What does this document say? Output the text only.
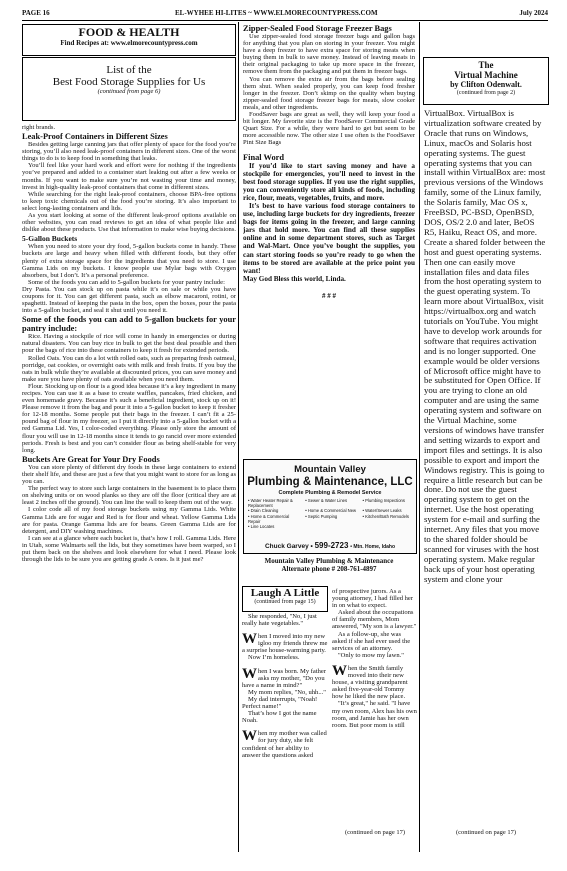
PAGE 16	EL-WYHEE HI-LITES ~ WWW.ELMORECOUNTYPRESS.COM	July 2024
FOOD & HEALTH
Find Recipes at: www.elmorecountypress.com
List of the
Best Food Storage Supplies for Us
(continued from page 6)

right brands.

Leak-Proof Containers in Different Sizes

Besides getting large canning jars that offer plenty of space for the food you’re storing, you’ll also need leak-proof containers in different sizes. One of the worst things to do is to keep food in something that leaks.

You’ll feel like your hard work and effort were for nothing if the ingredients you’ve prepared and added to a container start leaking out after a few weeks or months. If you want to make sure you’re not wasting your time and money, invest in high-quality leak-proof containers that come in different sizes.

While searching for the right leak-proof containers, choose BPA-free options to keep toxic chemicals out of the food you’re storing. It’s also important to select long-lasting containers and lids.

As you start looking at some of the different leak-proof options available on other websites, you can read reviews to get an idea of what people like and dislike about these products. Use that information to make wise buying decisions.

5-Gallon Buckets

When you need to store your dry food, 5-gallon buckets come in handy. These buckets are large and heavy when filled with different foods, but they offer plenty of extra storage space for the ingredients that you need to store. I use Gamma Lids on my buckets. I know people use Mylar bags with Oxygen absorbers, but I don’t. It’s a personal preference.

Some of the foods you can add to 5-gallon buckets for your pantry include:

Dry Pasta. You can stock up on pasta while it’s on sale or while you have coupons for it. You can get different pasta, such as elbow macaroni, rotini, or spaghetti. Instead of keeping the pasta in the box, open the boxes, pour the pasta into a 5-gallon bucket, and seal it shut until you need it.

Some of the foods you can add to 5-gallon buckets for your pantry include:

Rice. Having a stockpile of rice will come in handy in emergencies or during natural disasters. You can buy rice in bulk to get the best deal possible and then pour the bags of rice into these containers to keep it fresh for extended periods.

Rolled Oats. You can do a lot with rolled oats, such as preparing fresh oatmeal, porridge, oat cookies, or overnight oats with milk and fresh fruits. If you buy the oats in bulk while they’re available at discounted prices, you can save money and make sure you have plenty of oats available when you need them.

Flour. Stocking up on flour is a good idea because it’s a key ingredient in many recipes. You can use it as a base to create waffles, pancakes, fried chicken, and even homemade gravy. Because it’s such a beneficial ingredient, stock up on it! Please remove it from the bag and pour it into a 5-gallon bucket to keep it fresher for 12-18 months. Some people put their bags in the freezer. I can’t fit a 25-pound bag of flour in my freezer, so I put it directly into a 5-gallon bucket with a red Gamma Lid. Yes, I color-coded everything. Please only store the amount of flour you will use in 12-18 months since it tends to go rancid over more extended periods. Fresh is best and you can’t consider flour as being shelf-stable for very long.

Buckets Are Great for Your Dry Foods

You can store plenty of different dry foods in these large containers to extend their shelf life, and these are just a few that you might want to store for as long as you can.

The perfect way to store such large containers in the basement is to place them on shelving units or on wood planks so they are off the floor (critical they are at least 2 inches off the ground). You can line the wall to keep them out of the way.

I color code all of my food storage buckets using my Gamma Lids. White Gamma Lids are for sugar and Red is for flour and wheat. Yellow Gamma Lids are for pasta. Orange Gamma lids are for beans. Green Gamma Lids are for detergent, and DIY washing machines.

I can see at a glance where each bucket is, that’s how I roll. Gamma Lids. Here in Utah, some Walmarts sell the lids, but they sometimes have been warped, so I put them back on the shelves and look elsewhere for what I need. Please look through the lids to be sure you are getting grade A ones. Is it just me?

Zipper-Sealed Food Storage Freezer Bags

Use zipper-sealed food storage freezer bags and gallon bags for anything that you plan on storing in your freezer. You might have a deep freezer to have extra space for storing meats when buying them in bulk to save money. Instead of leaving meats in their original packaging to take up more space in the freezer, remove them from the packaging and put them in freezer bags.

You can remove the extra air from the bags before sealing them shut. When sealed properly, you can keep food fresher longer in the freezer. Don’t skimp on the quality when buying zipper-sealed food storage freezer bags for meats, slow cooker meals, and other ingredients.

FoodSaver bags are great as well, they will keep your food a bit longer. My favorite size is the FoodSaver Commercial Grade Quart Size. For a while, they were hard to get but seem to be more accessible now. The other size I use often is the FoodSaver Pint Size Bags

Final Word

If you’d like to start saving money and have a stockpile for emergencies, you’ll need to invest in the best food storage supplies. If you use the right supplies, you can conveniently store all kinds of foods, including rice, flour, meats, vegetables, fruits, and more.

It’s best to have various food storage containers to use, including large buckets for dry ingredients, freezer bags for items going in the freezer, and large canning jars that hold more. You can find all these supplies online and in some department stores, such as Target and Wal-Mart. Once you’ve bought the supplies, you can start storing foods so you’re ready to go when the items to be stored are available at the price point you want!

May God Bless this world, Linda.

# # #
Mountain Valley
Plumbing & Maintenance, LLC
Complete Plumbing & Remodel Service
• Water Heater Repair & Replacement
• Sewer & Water Lines	• Plumbing Inspections
• Drain Cleaning	• Home & Commercial New	• Water/Sewer Leaks
• Home & Commercial Repair
• Septic Pumping	• Kitchen/Bath Remodels
• Line Locates
Chuck Garvey • 599-2723 • Mtn. Home, Idaho
Mountain Valley Plumbing & Maintenance
Alternate phone # 208-761-4897
Laugh A Little
(continued from page 15)

She responded, "No, I just really hate vegetables."

When I moved into my new igloo my friends threw me a surprise house-warming party.

Now I’m homeless.

When I was born. My father asks my mother, "Do you have a name in mind?"

My mom replies, "No, uhh..."

My dad interrupts, "Noah! Perfect name!"

That’s how I got the name Noah.

When my mother was called for jury duty, she felt confident of her ability to answer the questions asked

of prospective jurors. As a young attorney, I had filled her in on what to expect.

Asked about the occupations of family members, Mom answered, "My son is a lawyer."

As a follow-up, she was asked if she had ever used the services of an attorney.

"Only to mow my lawn."

When the Smith family moved into their new house, a visiting grandparent asked five-year-old Tommy how he liked the new place.

"It’s great," he said. "I have my own room, Alex has his own room, and Jamie has her own room. But poor mom is still

(continued on page 17)
The
Virtual Machine
by Clifton Odenwalt.
(continued from page 2)

VirtualBox. VirtualBox is virtualization software created by Oracle that runs on Windows, Linux, macOs and Solaris host operating systems. The guest operating systems that you can install within VirtualBox are: most previous versions of the Windows family, some of the Linux family, the Solaris family, Mac OS x, FreeBSD, PC-BSD, OpenBSD, DOS, OS/2 2.0 and later, BeOS R5, Haiku, React OS, and more. Create a shared folder between the host and guest operating systems. Then one can easily move installation files and data files from the host operating system to the guest operating system. To learn more about VirtualBox, visit https://virtualbox.org and watch tutorials on YouTube. You might have to develop work arounds for software that requires activation and is no longer supported. One example would be older versions of Microsoft office might have to be substituted for Open Office. If you are trying to clone an old computer and are using the same operating system and software on the Virtual Machine, some versions of windows have transfer and setting wizards to export and import files and settings. It is also possible to export and import the Windows registry. This is going to require a little research but can be done. Do not use the guest operating system to get on the internet. Use the host operating system for e-mail and surfing the internet. Any files that you move to the shared folder should be scanned for viruses with the host operating system. Make regular back ups of your host operating system and clone your

(continued on page 17)
